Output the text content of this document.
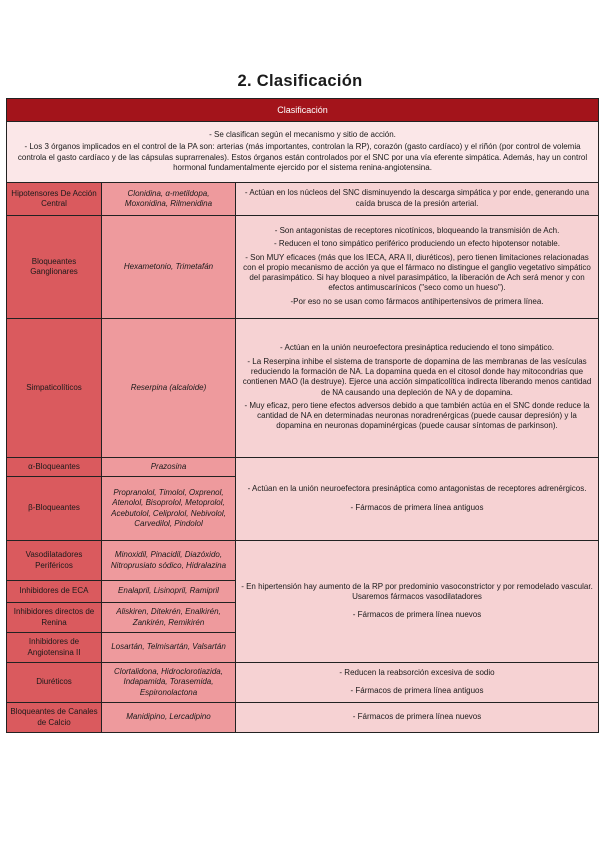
2. Clasificación
Clasificación		

- Se clasifican según el mecanismo y sitio de acción.

- Los 3 órganos implicados en el control de la PA son: arterias (más importantes, controlan la RP), corazón (gasto cardíaco) y el riñón (por control de volemia controla el gasto cardíaco y de las cápsulas suprarrenales). Estos órganos están controlados por el SNC por una vía eferente simpática. Además, hay un control hormonal fundamentalmente ejercido por el sistema renina-angiotensina.		

Hipotensores De Acción Central	Clonidina, α-metildopa, Moxonidina, Rilmenidina	- Actúan en los núcleos del SNC disminuyendo la descarga simpática y por ende, generando una caída brusca de la presión arterial.

Bloqueantes Ganglionares	Hexametonio, Trimetafán	- Son antagonistas de receptores nicotínicos, bloqueando la transmisión de Ach.

- Reducen el tono simpático periférico produciendo un efecto hipotensor notable.

- Son MUY eficaces (más que los IECA, ARA II, diuréticos), pero tienen limitaciones relacionadas con el propio mecanismo de acción ya que el fármaco no distingue el ganglio vegetativo simpático del parasimpático. Si hay bloqueo a nivel parasimpático, la liberación de Ach será menor y con efectos antimuscarínicos ("seco como un hueso").

-Por eso no se usan como fármacos antihipertensivos de primera línea.

Simpaticolíticos	Reserpina (alcaloide)	- Actúan en la unión neuroefectora presináptica reduciendo el tono simpático.

- La Reserpina inhibe el sistema de transporte de dopamina de las membranas de las vesículas reduciendo la formación de NA. La dopamina queda en el citosol donde hay mitocondrias que contienen MAO (la destruye). Ejerce una acción simpaticolítica indirecta liberando menos cantidad de NA causando una depleción de NA y de dopamina.

- Muy eficaz, pero tiene efectos adversos debido a que también actúa en el SNC donde reduce la cantidad de NA en determinadas neuronas noradrenérgicas (puede causar depresión) y la dopamina en neuronas dopaminérgicas (puede causar síntomas de parkinson).

α-Bloqueantes	Prazosina	- Actúan en la unión neuroefectora presináptica como antagonistas de receptores adrenérgicos.

- Fármacos de primera línea antiguos

β-Bloqueantes	Propranolol, Timolol, Oxprenol, Atenolol, Bisoprolol, Metoprolol, Acebutolol, Celiprolol, Nebivolol, Carvedilol, Pindolol	
Vasodilatadores Periféricos	Minoxidil, Pinacidil, Diazóxido, Nitroprusiato sódico, Hidralazina	- En hipertensión hay aumento de la RP por predominio vasoconstrictor y por remodelado vascular. Usaremos fármacos vasodilatadores

- Fármacos de primera línea nuevos

Inhibidores de ECA	Enalapril, Lisinopril, Ramipril	
Inhibidores directos de Renina	Aliskiren, Ditekrén, Enalkirén, Zankirén, Remikirén	
Inhibidores de Angiotensina II	Losartán, Telmisartán, Valsartán	
Diuréticos	Clortalidona, Hidroclorotiazida, Indapamida, Torasemida, Espironolactona	- Reducen la reabsorción excesiva de sodio

- Fármacos de primera línea antiguos

Bloqueantes de Canales de Calcio	Manidipino, Lercadipino	- Fármacos de primera línea nuevos
